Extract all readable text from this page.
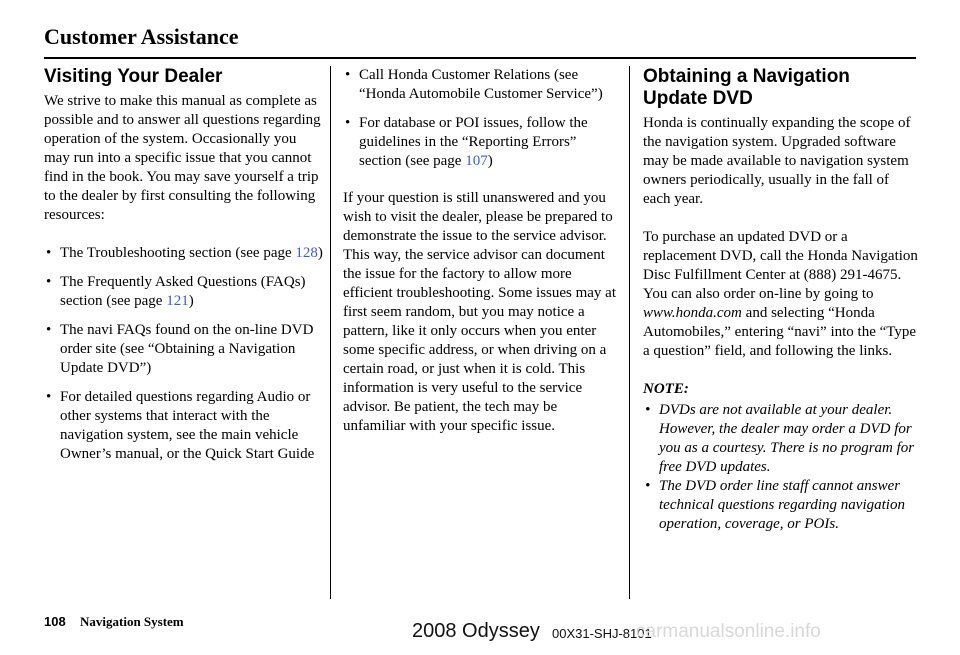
Customer Assistance
Visiting Your Dealer

We strive to make this manual as complete as possible and to answer all questions regarding operation of the system. Occasionally you may run into a specific issue that you cannot find in the book. You may save yourself a trip to the dealer by first consulting the following resources:

• The Troubleshooting section (see page 128)
• The Frequently Asked Questions (FAQs) section (see page 121)
• The navi FAQs found on the on-line DVD order site (see “Obtaining a Navigation Update DVD”)
• For detailed questions regarding Audio or other systems that interact with the navigation system, see the main vehicle Owner’s manual, or the Quick Start Guide
• Call Honda Customer Relations (see “Honda Automobile Customer Service”)
• For database or POI issues, follow the guidelines in the “Reporting Errors” section (see page 107)

If your question is still unanswered and you wish to visit the dealer, please be prepared to demonstrate the issue to the service advisor. This way, the service advisor can document the issue for the factory to allow more efficient troubleshooting. Some issues may at first seem random, but you may notice a pattern, like it only occurs when you enter some specific address, or when driving on a certain road, or just when it is cold. This information is very useful to the service advisor. Be patient, the tech may be unfamiliar with your specific issue.

Obtaining a Navigation Update DVD

Honda is continually expanding the scope of the navigation system. Upgraded software may be made available to navigation system owners periodically, usually in the fall of each year.

To purchase an updated DVD or a replacement DVD, call the Honda Navigation Disc Fulfillment Center at (888) 291-4675. You can also order on-line by going to www.honda.com and selecting “Honda Automobiles,” entering “navi” into the “Type a question” field, and following the links.

NOTE:
• DVDs are not available at your dealer. However, the dealer may order a DVD for you as a courtesy. There is no program for free DVD updates.
• The DVD order line staff cannot answer technical questions regarding navigation operation, coverage, or POIs.
108 Navigation System	2008 Odyssey 00X31-SHJ-8101
carmanualsonline.info
